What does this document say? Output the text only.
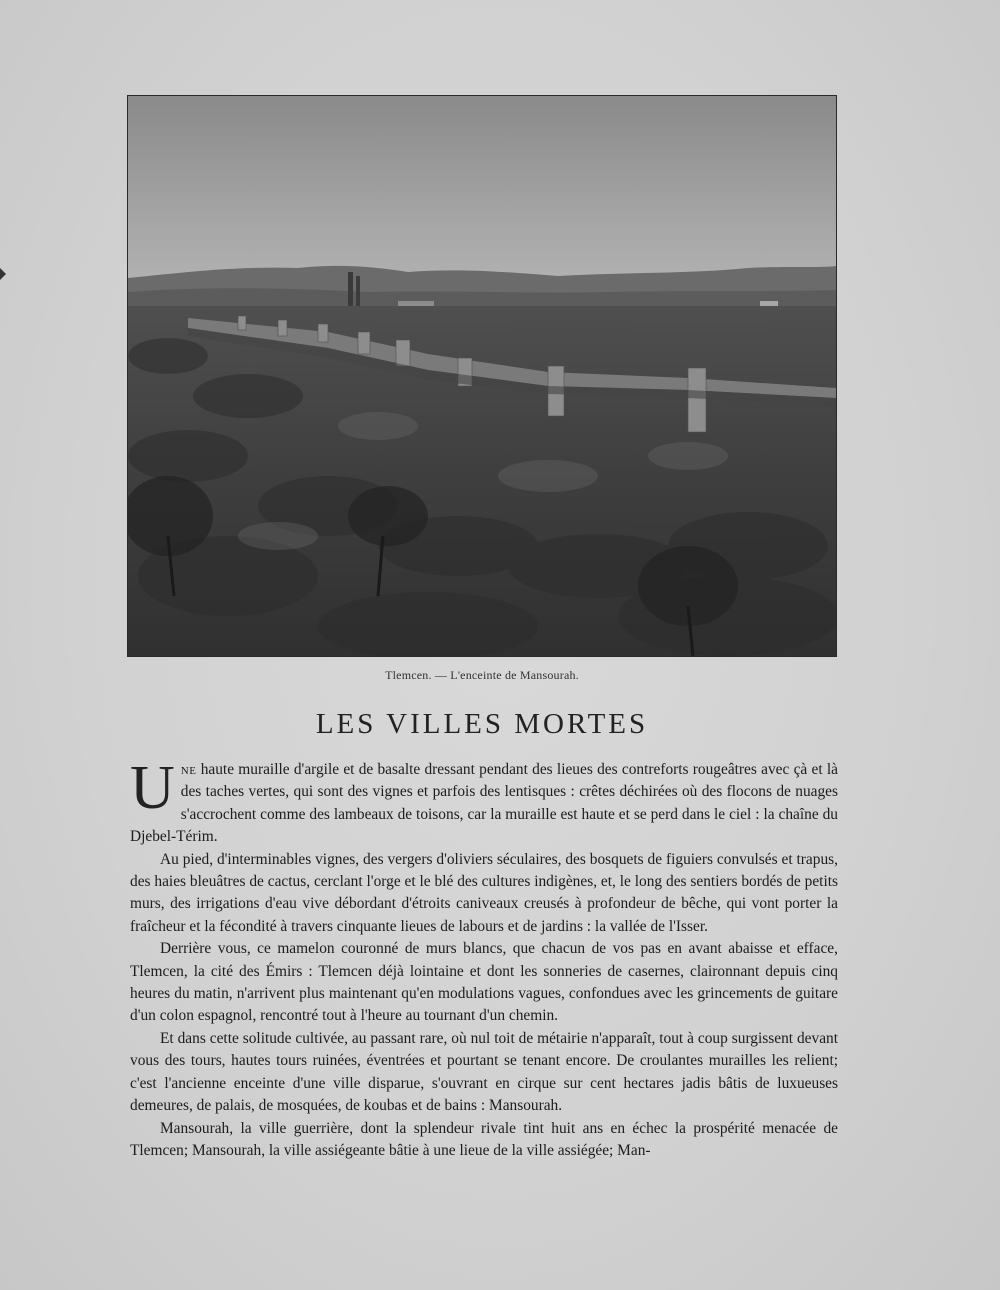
Tlemcen. — L'enceinte de Mansourah.
LES VILLES MORTES

Une haute muraille d'argile et de basalte dressant pendant des lieues des contreforts rougeâtres avec çà et là des taches vertes, qui sont des vignes et parfois des lentisques : crêtes déchirées où des flocons de nuages s'accrochent comme des lambeaux de toisons, car la muraille est haute et se perd dans le ciel : la chaîne du Djebel-Térim.

Au pied, d'interminables vignes, des vergers d'oliviers séculaires, des bosquets de figuiers convulsés et trapus, des haies bleuâtres de cactus, cerclant l'orge et le blé des cultures indigènes, et, le long des sentiers bordés de petits murs, des irrigations d'eau vive débordant d'étroits caniveaux creusés à profondeur de bêche, qui vont porter la fraîcheur et la fécondité à travers cinquante lieues de labours et de jardins : la vallée de l'Isser.

Derrière vous, ce mamelon couronné de murs blancs, que chacun de vos pas en avant abaisse et efface, Tlemcen, la cité des Émirs : Tlemcen déjà lointaine et dont les sonneries de casernes, claironnant depuis cinq heures du matin, n'arrivent plus maintenant qu'en modulations vagues, confondues avec les grincements de guitare d'un colon espagnol, rencontré tout à l'heure au tournant d'un chemin.

Et dans cette solitude cultivée, au passant rare, où nul toit de métairie n'apparaît, tout à coup surgissent devant vous des tours, hautes tours ruinées, éventrées et pourtant se tenant encore. De croulantes murailles les relient; c'est l'ancienne enceinte d'une ville disparue, s'ouvrant en cirque sur cent hectares jadis bâtis de luxueuses demeures, de palais, de mosquées, de koubas et de bains : Mansourah.

Mansourah, la ville guerrière, dont la splendeur rivale tint huit ans en échec la prospérité menacée de Tlemcen; Mansourah, la ville assiégeante bâtie à une lieue de la ville assiégée; Man-
